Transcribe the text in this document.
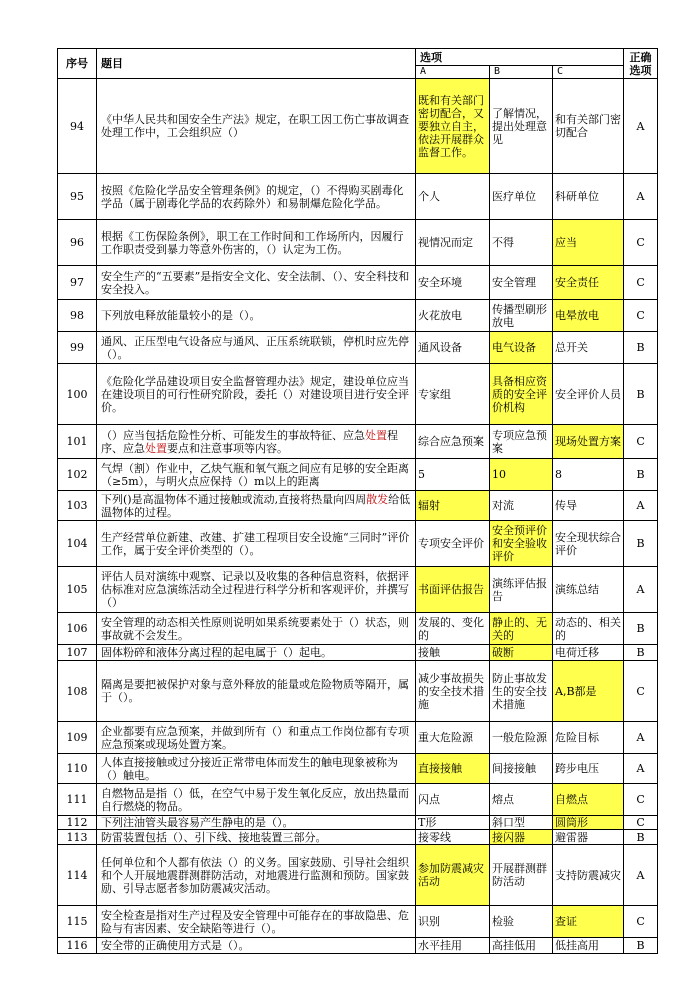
序号	题目	选项			正确选项
		A	B	C	
94	《中华人民共和国安全生产法》规定，在职工因工伤亡事故调查处理工作中，工会组织应（）	既和有关部门密切配合，又要独立自主，依法开展群众监督工作。	了解情况，提出处理意见	和有关部门密切配合	A
95	按照《危险化学品安全管理条例》的规定，（）不得购买剧毒化学品（属于剧毒化学品的农药除外）和易制爆危险化学品。	个人	医疗单位	科研单位	A
96	根据《工伤保险条例》，职工在工作时间和工作场所内，因履行工作职责受到暴力等意外伤害的，（）认定为工伤。	视情况而定	不得	应当	C
97	安全生产的“五要素”是指安全文化、安全法制、（）、安全科技和安全投入。	安全环境	安全管理	安全责任	C
98	下列放电释放能量较小的是（）。	火花放电	传播型刷形放电	电晕放电	C
99	通风、正压型电气设备应与通风、正压系统联锁，停机时应先停（）。	通风设备	电气设备	总开关	B
100	《危险化学品建设项目安全监督管理办法》规定，建设单位应当在建设项目的可行性研究阶段，委托（）对建设项目进行安全评价。	专家组	具备相应资质的安全评价机构	安全评价人员	B
101	（）应当包括危险性分析、可能发生的事故特征、应急处置程序、应急处置要点和注意事项等内容。	综合应急预案	专项应急预案	现场处置方案	C
102	气焊（割）作业中，乙炔气瓶和氧气瓶之间应有足够的安全距离（≥5m），与明火点应保持（）m以上的距离	5	10	8	B
103	下列()是高温物体不通过接触或流动,直接将热量向四周散发给低温物体的过程。	辐射	对流	传导	A
104	生产经营单位新建、改建、扩建工程项目安全设施“三同时”评价工作，属于安全评价类型的（）。	专项安全评价	安全预评价和安全验收评价	安全现状综合评价	B
105	评估人员对演练中观察、记录以及收集的各种信息资料，依据评估标准对应急演练活动全过程进行科学分析和客观评价，并撰写（）	书面评估报告	演练评估报告	演练总结	A
106	安全管理的动态相关性原则说明如果系统要素处于（）状态，则事故就不会发生。	发展的、变化的	静止的、无关的	动态的、相关的	B
107	固体粉碎和液体分离过程的起电属于（）起电。	接触	破断	电荷迁移	B
108	隔离是要把被保护对象与意外释放的能量或危险物质等隔开，属于（）。	减少事故损失的安全技术措施	防止事故发生的安全技术措施	A,B都是	C
109	企业都要有应急预案，并做到所有（）和重点工作岗位都有专项应急预案或现场处置方案。	重大危险源	一般危险源	危险目标	A
110	人体直接接触或过分接近正常带电体而发生的触电现象被称为（）触电。	直接接触	间接接触	跨步电压	A
111	自燃物品是指（）低，在空气中易于发生氧化反应，放出热量而自行燃烧的物品。	闪点	熔点	自燃点	C
112	下列注油管头最容易产生静电的是（）。	T形	斜口型	圆筒形	C
113	防雷装置包括（）、引下线、接地装置三部分。	接零线	接闪器	避雷器	B
114	任何单位和个人都有依法（）的义务。国家鼓励、引导社会组织和个人开展地震群测群防活动，对地震进行监测和预防。国家鼓励、引导志愿者参加防震减灾活动。	参加防震减灾活动	开展群测群防活动	支持防震减灾	A
115	安全检查是指对生产过程及安全管理中可能存在的事故隐患、危险与有害因素、安全缺陷等进行（）。	识别	检验	查证	C
116	安全带的正确使用方式是（）。	水平挂用	高挂低用	低挂高用	B
